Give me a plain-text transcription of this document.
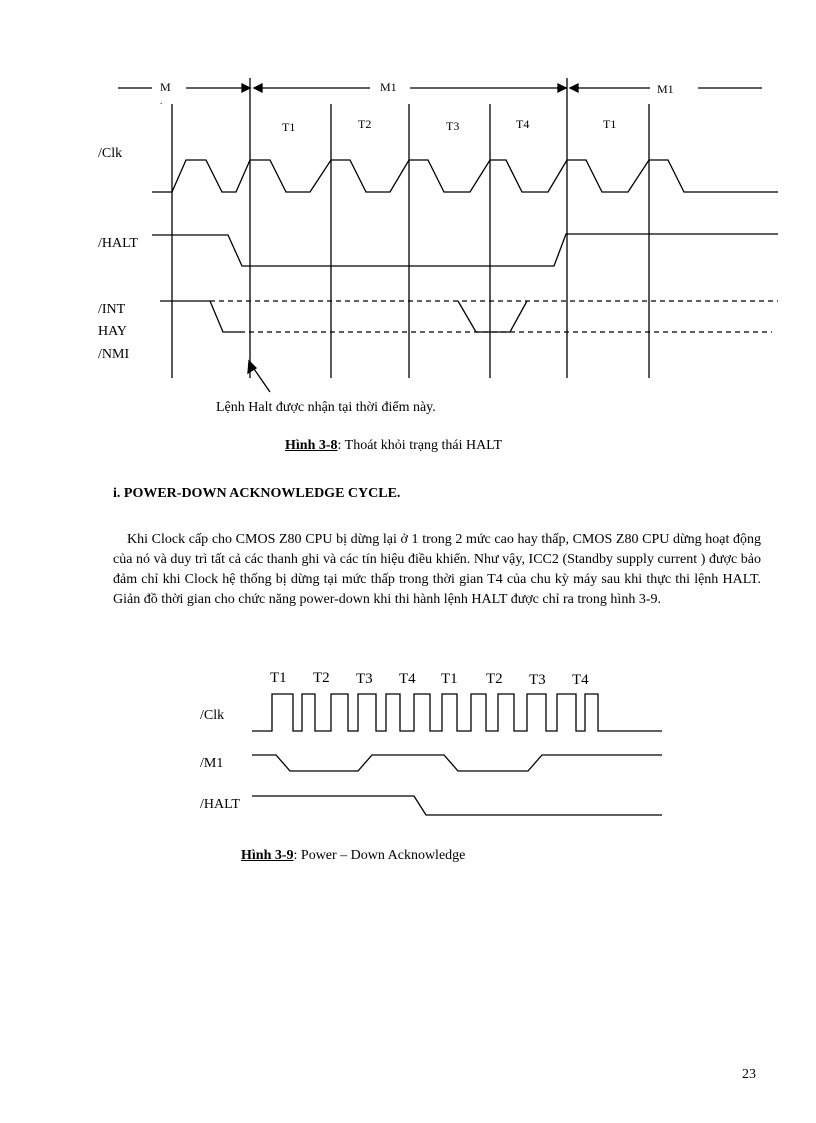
M	M1	M1
.
T1	T2	T3	T4	T1
/Clk
/HALT
/INT
HAY
/NMI
Lệnh Halt được nhận tại thời điểm này.
Hình 3-8: Thoát khỏi trạng thái HALT
i. POWER-DOWN ACKNOWLEDGE CYCLE.
Khi Clock cấp cho CMOS Z80 CPU bị dừng lại ở 1 trong 2 mức cao hay thấp, CMOS Z80 CPU dừng hoạt động của nó và duy trì tất cả các thanh ghi và các tín hiệu điều khiển. Như vậy, ICC2 (Standby supply current ) được bảo đảm chỉ khi Clock hệ thống bị dừng tại mức thấp trong thời gian T4 của chu kỳ máy sau khi thực thi lệnh HALT. Giản đồ thời gian cho chức năng power-down khi thi hành lệnh HALT được chỉ ra trong hình 3-9.
T1 T2 T3 T4 T1 T2 T3 T4
/Clk
/M1
/HALT
Hình 3-9: Power – Down Acknowledge
23
